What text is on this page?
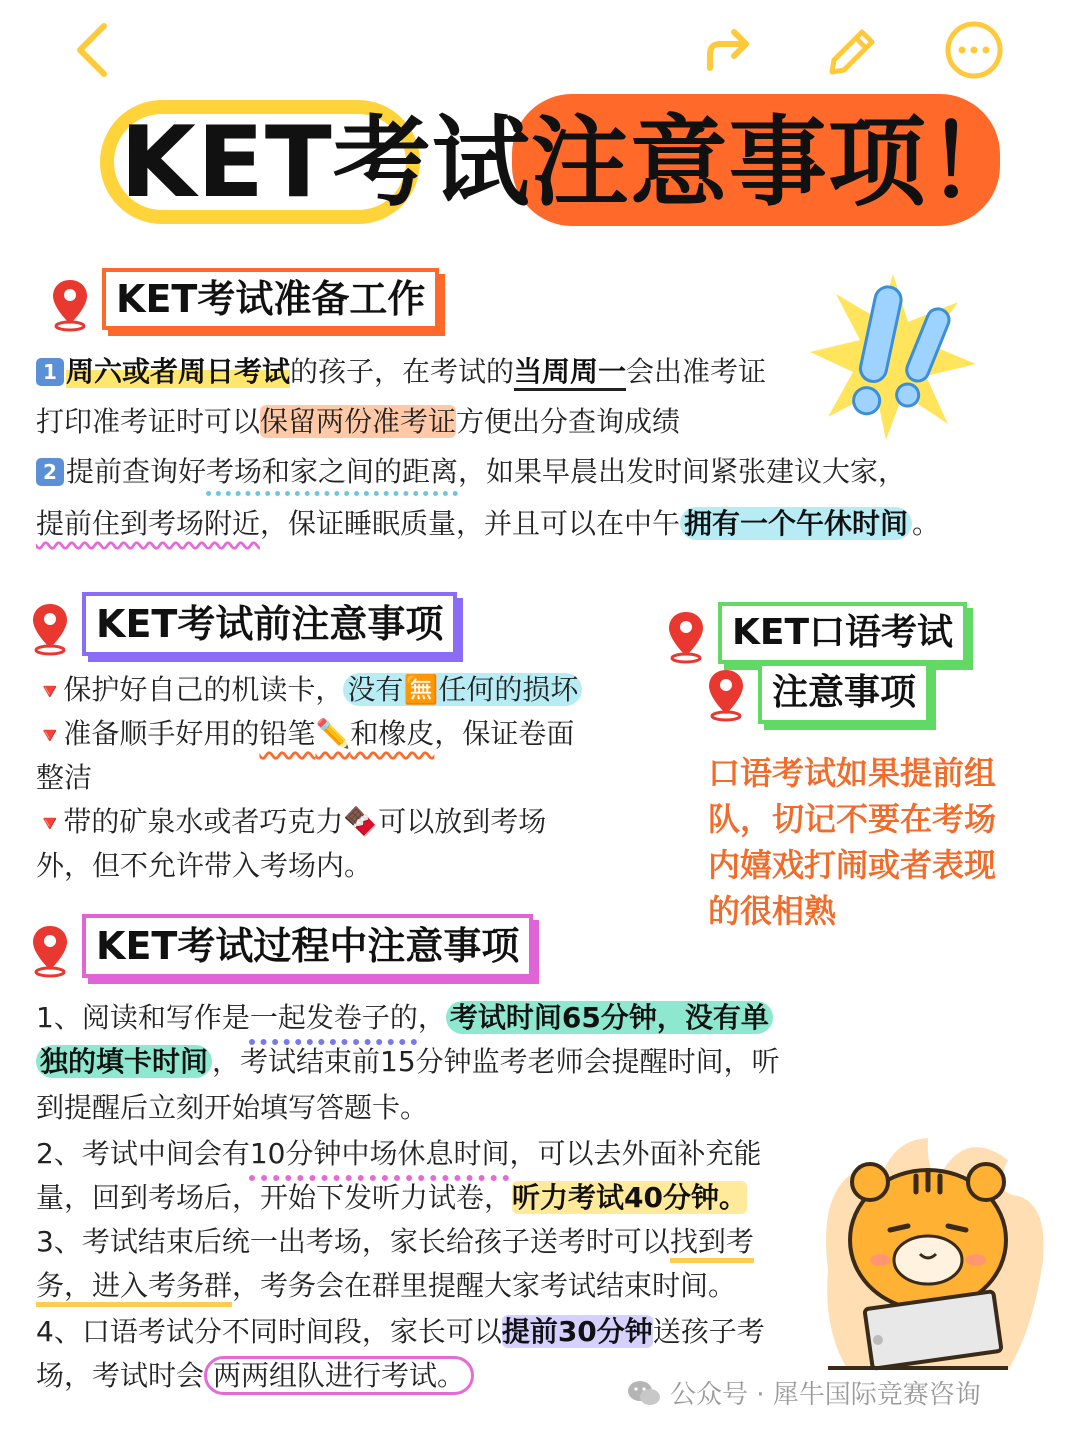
KET考试注意事项！
KET考试准备工作
1 周六或者周日考试的孩子，在考试的当周周一会出准考证
打印准考证时可以保留两份准考证方便出分查询成绩
2 提前查询好考场和家之间的距离，如果早晨出发时间紧张建议大家，
提前住到考场附近，保证睡眠质量，并且可以在中午 拥有一个午休时间 。
KET考试前注意事项
🔻保护好自己的机读卡， 没有🈚任何的损坏
🔻准备顺手好用的铅笔✏️和橡皮，保证卷面
整洁
🔻带的矿泉水或者巧克力🍫可以放到考场
外，但不允许带入考场内。
KET口语考试
注意事项
口语考试如果提前组队，切记不要在考场内嬉戏打闹或者表现的很相熟
KET考试过程中注意事项
1、阅读和写作是一起发卷子的， 考试时间65分钟，没有单
独的填卡时间 ，考试结束前15分钟监考老师会提醒时间，听
到提醒后立刻开始填写答题卡。
2、考试中间会有10分钟中场休息时间，可以去外面补充能
量，回到考场后，开始下发听力试卷，听力考试40分钟。
3、考试结束后统一出考场，家长给孩子送考时可以找到考
务，进入考务群，考务会在群里提醒大家考试结束时间。
4、口语考试分不同时间段，家长可以提前30分钟送孩子考
场，考试时会 两两组队进行考试。
公众号 · 犀牛国际竞赛咨询
